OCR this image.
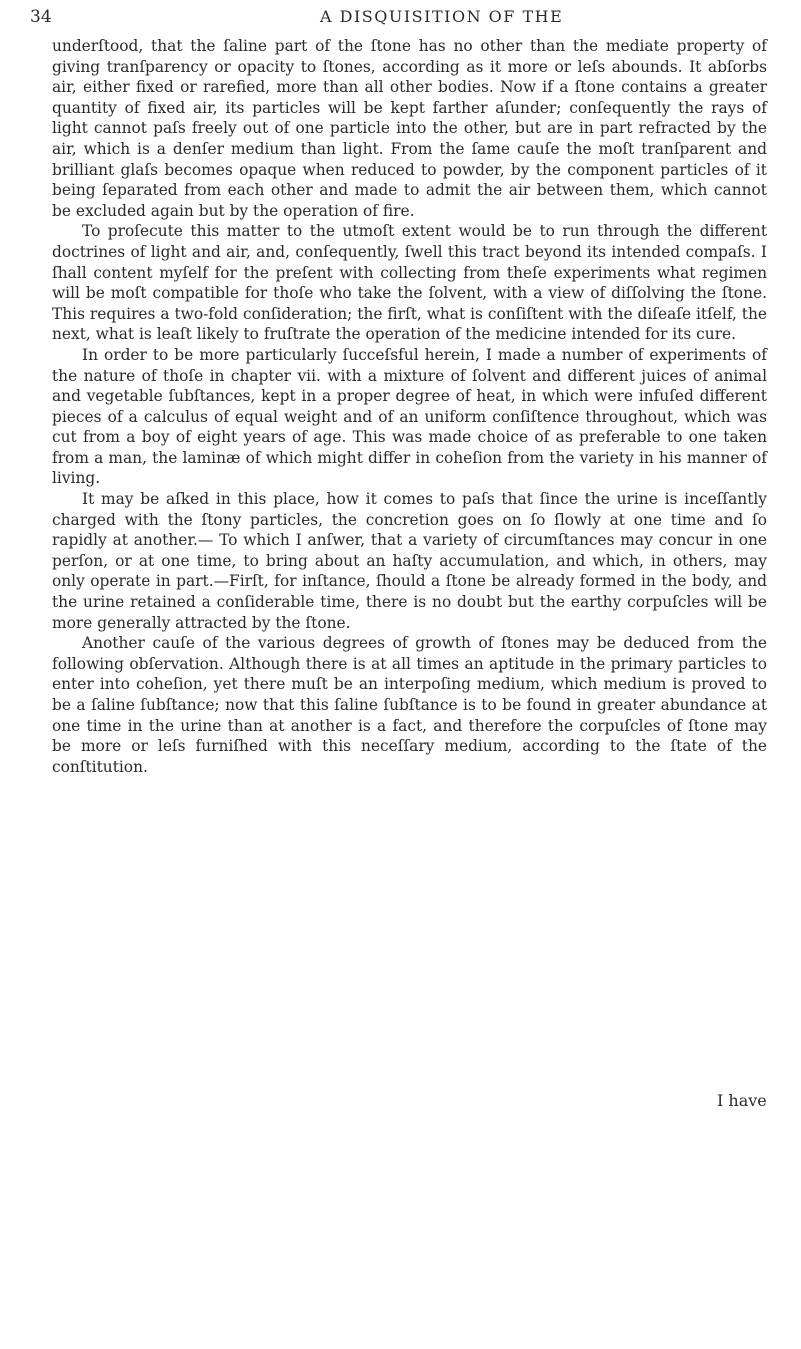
34	A DISQUISITION OF THE

underſtood, that the ſaline part of the ſtone has no other than the mediate property of giving tranſparency or opacity to ſtones, according as it more or leſs abounds. It abſorbs air, either fixed or rarefied, more than all other bodies. Now if a ſtone contains a greater quantity of fixed air, its particles will be kept farther aſunder; conſequently the rays of light cannot paſs freely out of one particle into the other, but are in part refracted by the air, which is a denſer medium than light. From the ſame cauſe the moſt tranſparent and brilliant glaſs becomes opaque when reduced to powder, by the component particles of it being ſeparated from each other and made to admit the air between them, which cannot be excluded again but by the operation of fire.

To proſecute this matter to the utmoſt extent would be to run through the different doctrines of light and air, and, conſequently, ſwell this tract beyond its intended compaſs. I ſhall content myſelf for the preſent with collecting from theſe experiments what regimen will be moſt compatible for thoſe who take the ſolvent, with a view of diſſolving the ſtone. This requires a two-fold conſideration; the firſt, what is conſiſtent with the diſeaſe itſelf, the next, what is leaſt likely to fruſtrate the operation of the medicine intended for its cure.

In order to be more particularly ſucceſsful herein, I made a number of experiments of the nature of thoſe in chapter vii. with a mixture of ſolvent and different juices of animal and vegetable ſubſtances, kept in a proper degree of heat, in which were infuſed different pieces of a calculus of equal weight and of an uniform conſiſtence throughout, which was cut from a boy of eight years of age. This was made choice of as preferable to one taken from a man, the laminæ of which might differ in coheſion from the variety in his manner of living.

It may be aſked in this place, how it comes to paſs that ſince the urine is inceſſantly charged with the ſtony particles, the concretion goes on ſo ſlowly at one time and ſo rapidly at another.— To which I anſwer, that a variety of circumſtances may concur in one perſon, or at one time, to bring about an haſty accumulation, and which, in others, may only operate in part.—Firſt, for inſtance, ſhould a ſtone be already formed in the body, and the urine retained a conſiderable time, there is no doubt but the earthy corpuſcles will be more generally attracted by the ſtone.

Another cauſe of the various degrees of growth of ſtones may be deduced from the following obſervation. Although there is at all times an aptitude in the primary particles to enter into coheſion, yet there muſt be an interpoſing medium, which medium is proved to be a ſaline ſubſtance; now that this ſaline ſubſtance is to be found in greater abundance at one time in the urine than at another is a fact, and therefore the corpuſcles of ſtone may be more or leſs furniſhed with this neceſſary medium, according to the ſtate of the conſtitution.

I have
